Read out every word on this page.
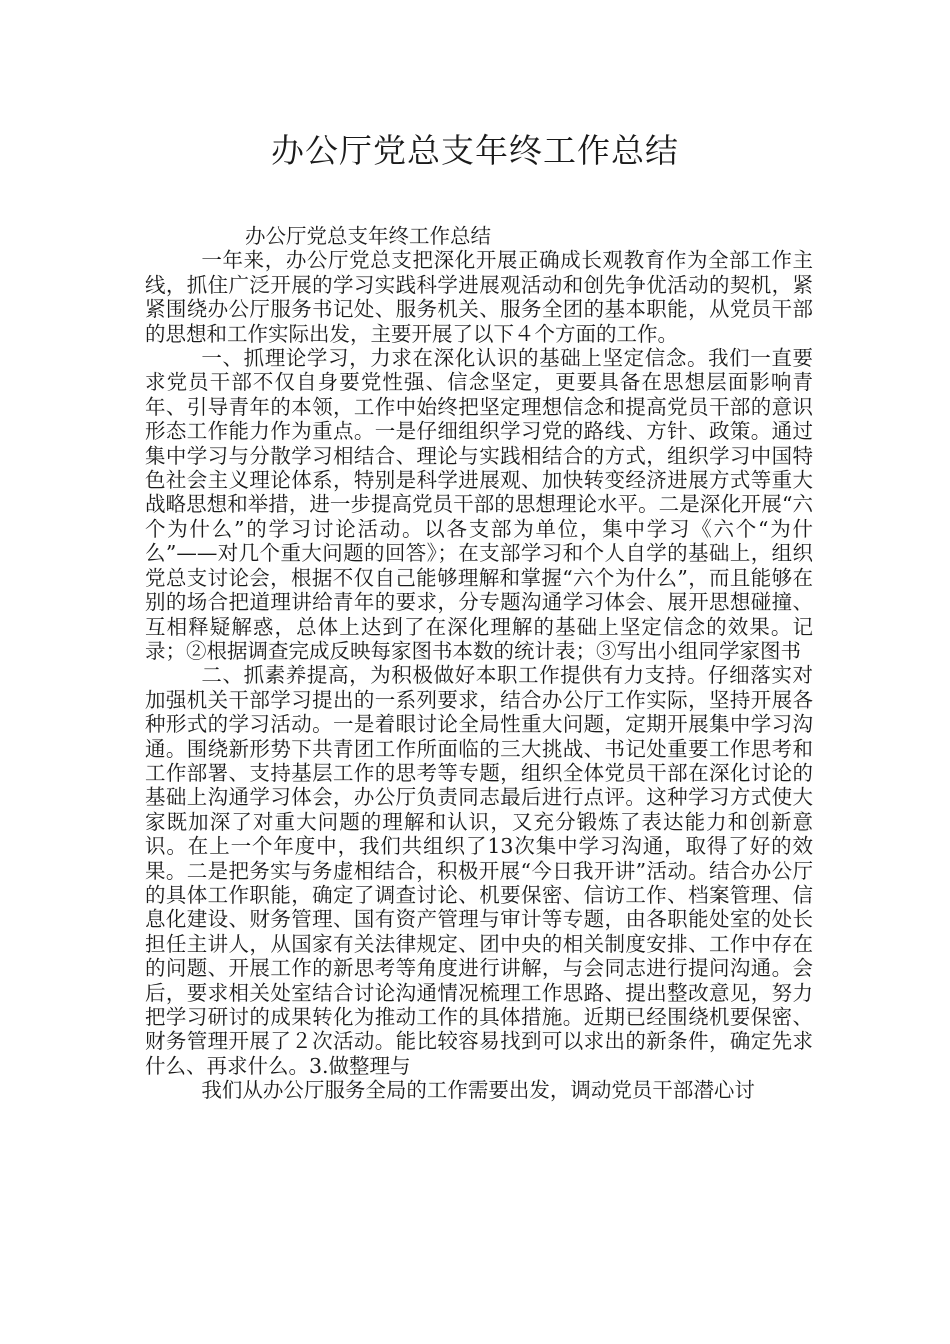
办公厅党总支年终工作总结

办公厅党总支年终工作总结

一年来，办公厅党总支把深化开展正确成长观教育作为全部工作主线，抓住广泛开展的学习实践科学进展观活动和创先争优活动的契机，紧紧围绕办公厅服务书记处、服务机关、服务全团的基本职能，从党员干部的思想和工作实际出发，主要开展了以下４个方面的工作。

一、抓理论学习，力求在深化认识的基础上坚定信念。我们一直要求党员干部不仅自身要党性强、信念坚定，更要具备在思想层面影响青年、引导青年的本领，工作中始终把坚定理想信念和提高党员干部的意识形态工作能力作为重点。一是仔细组织学习党的路线、方针、政策。通过集中学习与分散学习相结合、理论与实践相结合的方式，组织学习中国特色社会主义理论体系，特别是科学进展观、加快转变经济进展方式等重大战略思想和举措，进一步提高党员干部的思想理论水平。二是深化开展“六个为什么”的学习讨论活动。以各支部为单位，集中学习《六个“为什么”——对几个重大问题的回答》；在支部学习和个人自学的基础上，组织党总支讨论会，根据不仅自己能够理解和掌握“六个为什么”，而且能够在别的场合把道理讲给青年的要求，分专题沟通学习体会、展开思想碰撞、互相释疑解惑，总体上达到了在深化理解的基础上坚定信念的效果。记录；②根据调查完成反映每家图书本数的统计表；③写出小组同学家图书

二、抓素养提高，为积极做好本职工作提供有力支持。仔细落实对加强机关干部学习提出的一系列要求，结合办公厅工作实际，坚持开展各种形式的学习活动。一是着眼讨论全局性重大问题，定期开展集中学习沟通。围绕新形势下共青团工作所面临的三大挑战、书记处重要工作思考和工作部署、支持基层工作的思考等专题，组织全体党员干部在深化讨论的基础上沟通学习体会，办公厅负责同志最后进行点评。这种学习方式使大家既加深了对重大问题的理解和认识，又充分锻炼了表达能力和创新意识。在上一个年度中，我们共组织了13次集中学习沟通，取得了好的效果。二是把务实与务虚相结合，积极开展“今日我开讲”活动。结合办公厅的具体工作职能，确定了调查讨论、机要保密、信访工作、档案管理、信息化建设、财务管理、国有资产管理与审计等专题，由各职能处室的处长担任主讲人，从国家有关法律规定、团中央的相关制度安排、工作中存在的问题、开展工作的新思考等角度进行讲解，与会同志进行提问沟通。会后，要求相关处室结合讨论沟通情况梳理工作思路、提出整改意见，努力把学习研讨的成果转化为推动工作的具体措施。近期已经围绕机要保密、财务管理开展了２次活动。能比较容易找到可以求出的新条件，确定先求什么、再求什么。3.做整理与

我们从办公厅服务全局的工作需要出发，调动党员干部潜心讨
